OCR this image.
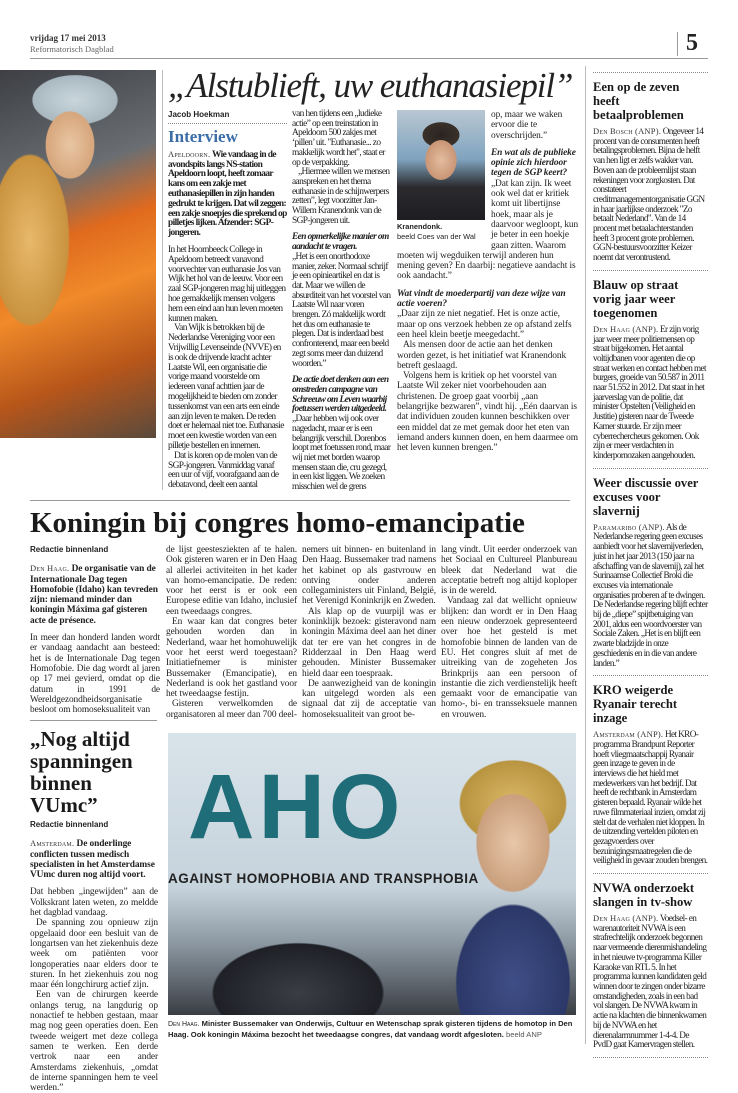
vrijdag 17 mei 2013
Reformatorisch Dagblad	5
„Alstublieft, uw euthanasiepil”
Jacob Hoekman
Interview

Apeldoorn. Wie vandaag in de avondspits langs NS-station Apeldoorn loopt, heeft zomaar kans om een zakje met euthanasiepillen in zijn handen gedrukt te krijgen. Dat wil zeggen: een zakje snoepjes die sprekend op pilletjes lijken. Afzender: SGP-jongeren.

In het Hoornbeeck College in Apeldoorn betreedt vanavond voorvechter van euthanasie Jos van Wijk het hol van de leeuw. Voor een zaal SGP-jongeren mag hij uitleggen hoe gemakkelijk mensen volgens hem een eind aan hun leven moeten kunnen maken.

Van Wijk is betrokken bij de Nederlandse Vereniging voor een Vrijwillig Levenseinde (NVVE) en is ook de drijvende kracht achter Laatste Wil, een organisatie die vorige maand voorstelde om iedereen vanaf achttien jaar de mogelijkheid te bieden om zonder tussenkomst van een arts een einde aan zijn leven te maken. De reden doet er helemaal niet toe. Euthanasie moet een kwestie worden van een pilletje bestellen en innemen.

Dat is koren op de molen van de SGP-jongeren. Vanmiddag vanaf een uur of vijf, voorafgaand aan de debatavond, deelt een aantal

van hen tijdens een „ludieke actie” op een treinstation in Apeldoorn 500 zakjes met ‘pillen’ uit. "Euthanasie... zo makkelijk wordt het", staat er op de verpakking.

„Hiermee willen we mensen aanspreken en het thema euthanasie in de schijnwerpers zetten”, legt voorzitter Jan-Willem Kranendonk van de SGP-jongeren uit.

Een opmerkelijke manier om aandacht te vragen.

„Het is een onorthodoxe manier, zeker. Normaal schrijf je een opinieartikel en dat is dat. Maar we willen de absurditeit van het voorstel van Laatste Wil naar voren brengen. Zó makkelijk wordt het dus om euthanasie te plegen. Dat is inderdaad best confronterend, maar een beeld zegt soms meer dan duizend woorden.”

De actie doet denken aan een omstreden campagne van Schreeuw om Leven waarbij foetussen werden uitgedeeld.

„Daar hebben wij ook over nagedacht, maar er is een belangrijk verschil. Dorenbos loopt met foetussen rond, maar wij niet met borden waarop mensen staan die, cru gezegd, in een kist liggen. We zoeken misschien wel de grens

Kranendonk.
beeld Coes van der Wal

op, maar we waken ervoor die te overschrijden.”

En wat als de publieke opinie zich hierdoor tegen de SGP keert?

„Dat kan zijn. Ik weet ook wel dat er kritiek komt uit libertijnse hoek, maar als je daarvoor wegloopt, kun je beter in een hoekje gaan zitten. Waarom moeten wij wegduiken terwijl anderen hun mening geven? En daarbij: negatieve aandacht is ook aandacht.”

Wat vindt de moederpartij van deze wijze van actie voeren?

„Daar zijn ze niet negatief. Het is onze actie, maar op ons verzoek hebben ze op afstand zelfs een heel klein beetje meegedacht.”

Als mensen door de actie aan het denken worden gezet, is het initiatief wat Kranendonk betreft geslaagd.

Volgens hem is kritiek op het voorstel van Laatste Wil zeker niet voorbehouden aan christenen. De groep gaat voorbij „aan belangrijke bezwaren”, vindt hij. „Eén daarvan is dat individuen zouden kunnen beschikken over een middel dat ze met gemak door het eten van iemand anders kunnen doen, en hem daarmee om het leven kunnen brengen.”

Koningin bij congres homo-emancipatie
Redactie binnenland

Den Haag. De organisatie van de Internationale Dag tegen Homofobie (Idaho) kan tevreden zijn: niemand minder dan koningin Máxima gaf gisteren acte de présence.

In meer dan honderd landen wordt er vandaag aandacht aan besteed: het is de Internationale Dag tegen Homofobie. Die dag wordt al jaren op 17 mei gevierd, omdat op die datum in 1991 de Wereldgezondheidsorganisatie besloot om homoseksualiteit van

de lijst geestesziekten af te halen. Ook gisteren waren er in Den Haag al allerlei activiteiten in het kader van homo-emancipatie. De reden: voor het eerst is er ook een Europese editie van Idaho, inclusief een tweedaags congres.

En waar kan dat congres beter gehouden worden dan in Nederland, waar het homohuwelijk voor het eerst werd toegestaan? Initiatiefnemer is minister Bussemaker (Emancipatie), en Nederland is ook het gastland voor het tweedaagse festijn.

Gisteren verwelkomden de organisatoren al meer dan 700 deel-

nemers uit binnen- en buitenland in Den Haag. Bussemaker trad namens het kabinet op als gastvrouw en ontving onder anderen collegaministers uit Finland, België, het Verenigd Koninkrijk en Zweden.

Als klap op de vuurpijl was er koninklijk bezoek: gisteravond nam koningin Máxima deel aan het diner dat ter ere van het congres in de Ridderzaal in Den Haag werd gehouden. Minister Bussemaker hield daar een toespraak.

De aanwezigheid van de koningin kan uitgelegd worden als een signaal dat zij de acceptatie van homoseksualiteit van groot be-

lang vindt. Uit eerder onderzoek van het Sociaal en Cultureel Planbureau bleek dat Nederland wat die acceptatie betreft nog altijd koploper is in de wereld.

Vandaag zal dat wellicht opnieuw blijken: dan wordt er in Den Haag een nieuw onderzoek gepresenteerd over hoe het gesteld is met homofobie binnen de landen van de EU. Het congres sluit af met de uitreiking van de zogeheten Jos Brinkprijs aan een persoon of instantie die zich verdienstelijk heeft gemaakt voor de emancipatie van homo-, bi- en transseksuele mannen en vrouwen.

„Nog altijd spanningen binnen VUmc”
Redactie binnenland

Amsterdam. De onderlinge conflicten tussen medisch specialisten in het Amsterdamse VUmc duren nog altijd voort.

Dat hebben „ingewijden” aan de Volkskrant laten weten, zo meldde het dagblad vandaag.

De spanning zou opnieuw zijn opgelaaid door een besluit van de longartsen van het ziekenhuis deze week om patiënten voor longoperaties naar elders door te sturen. In het ziekenhuis zou nog maar één longchirurg actief zijn.

Een van de chirurgen keerde onlangs terug, na langdurig op nonactief te hebben gestaan, maar mag nog geen operaties doen. Een tweede weigert met deze collega samen te werken. Een derde vertrok naar een ander Amsterdams ziekenhuis, „omdat de interne spanningen hem te veel werden.”

AHO
AGAINST HOMOPHOBIA AND TRANSPHOBIA
Den Haag. Minister Bussemaker van Onderwijs, Cultuur en Wetenschap sprak gisteren tijdens de homotop in Den Haag. Ook koningin Máxima bezocht het tweedaagse congres, dat vandaag wordt afgesloten. beeld ANP
Een op de zeven heeft betaalproblemen
Den Bosch (ANP). Ongeveer 14 procent van de consumenten heeft betalingsproblemen. Bijna de helft van hen ligt er zelfs wakker van. Boven aan de probleemlijst staan rekeningen voor zorgkosten. Dat constateert creditmanagementorganisatie GGN in haar jaarlijkse onderzoek "Zo betaalt Nederland". Van de 14 procent met betaalachterstanden heeft 3 procent grote problemen. GGN-bestuursvoorzitter Keizer noemt dat verontrustend.
Blauw op straat vorig jaar weer toegenomen
Den Haag (ANP). Er zijn vorig jaar weer meer politiemensen op straat bijgekomen. Het aantal voltijdbanen voor agenten die op straat werken en contact hebben met burgers, groeide van 50.587 in 2011 naar 51.552 in 2012. Dat staat in het jaarverslag van de politie, dat minister Opstelten (Veiligheid en Justitie) gisteren naar de Tweede Kamer stuurde. Er zijn meer cyberrechercheurs gekomen. Ook zijn er meer verdachten in kinderpornozaken aangehouden.
Weer discussie over excuses voor slavernij
Paramaribo (ANP). Als de Nederlandse regering geen excuses aanbiedt voor het slavernijverleden, juist in het jaar 2013 (150 jaar na afschaffing van de slavernij), zal het Surinaamse Collectief Broki die excuses via internationale organisaties proberen af te dwingen. De Nederlandse regering blijft echter bij de „diepe” spijtbetuiging van 2001, aldus een woordvoerster van Sociale Zaken. „Het is en blijft een zwarte bladzijde in onze geschiedenis en in die van andere landen.”
KRO weigerde Ryanair terecht inzage
Amsterdam (ANP). Het KRO-programma Brandpunt Reporter hoeft vliegmaatschappij Ryanair geen inzage te geven in de interviews die het hield met medewerkers van het bedrijf. Dat heeft de rechtbank in Amsterdam gisteren bepaald. Ryanair wilde het ruwe filmmateriaal inzien, omdat zij stelt dat de verhalen niet kloppen. In de uitzending vertelden piloten en gezagvoerders over bezuinigingsmaatregelen die de veiligheid in gevaar zouden brengen.
NVWA onderzoekt slangen in tv-show
Den Haag (ANP). Voedsel- en warenautoriteit NVWA is een strafrechtelijk onderzoek begonnen naar vermeende dierenmishandeling in het nieuwe tv-programma Killer Karaoke van RTL 5. In het programma kunnen kandidaten geld winnen door te zingen onder bizarre omstandigheden, zoals in een bad vol slangen. De NVWA kwam in actie na klachten die binnenkwamen bij de NVWA en het dierenalarmnummer 1-4-4. De PvdD gaat Kamervragen stellen.
